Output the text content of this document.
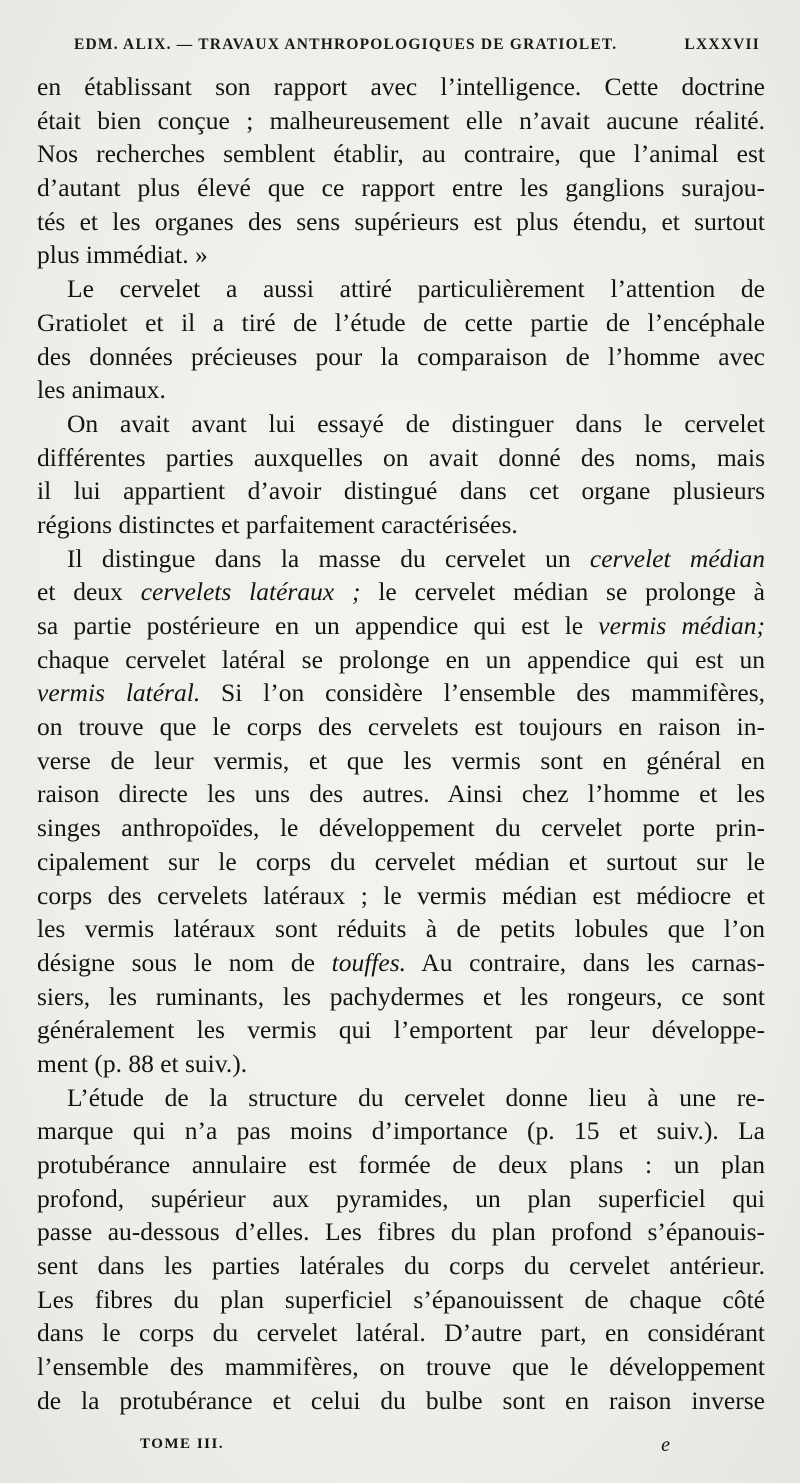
EDM. ALIX. — TRAVAUX ANTHROPOLOGIQUES DE GRATIOLET.	LXXXVII
en établissant son rapport avec l’intelligence. Cette doctrine
était bien conçue ; malheureusement elle n’avait aucune réalité.
Nos recherches semblent établir, au contraire, que l’animal est
d’autant plus élevé que ce rapport entre les ganglions surajou-
tés et les organes des sens supérieurs est plus étendu, et surtout
plus immédiat. »
Le cervelet a aussi attiré particulièrement l’attention de
Gratiolet et il a tiré de l’étude de cette partie de l’encéphale
des données précieuses pour la comparaison de l’homme avec
les animaux.
On avait avant lui essayé de distinguer dans le cervelet
différentes parties auxquelles on avait donné des noms, mais
il lui appartient d’avoir distingué dans cet organe plusieurs
régions distinctes et parfaitement caractérisées.
Il distingue dans la masse du cervelet un cervelet médian
et deux cervelets latéraux ; le cervelet médian se prolonge à
sa partie postérieure en un appendice qui est le vermis médian;
chaque cervelet latéral se prolonge en un appendice qui est un
vermis latéral. Si l’on considère l’ensemble des mammifères,
on trouve que le corps des cervelets est toujours en raison in-
verse de leur vermis, et que les vermis sont en général en
raison directe les uns des autres. Ainsi chez l’homme et les
singes anthropoïdes, le développement du cervelet porte prin-
cipalement sur le corps du cervelet médian et surtout sur le
corps des cervelets latéraux ; le vermis médian est médiocre et
les vermis latéraux sont réduits à de petits lobules que l’on
désigne sous le nom de touffes. Au contraire, dans les carnas-
siers, les ruminants, les pachydermes et les rongeurs, ce sont
généralement les vermis qui l’emportent par leur développe-
ment (p. 88 et suiv.).
L’étude de la structure du cervelet donne lieu à une re-
marque qui n’a pas moins d’importance (p. 15 et suiv.). La
protubérance annulaire est formée de deux plans : un plan
profond, supérieur aux pyramides, un plan superficiel qui
passe au-dessous d’elles. Les fibres du plan profond s’épanouis-
sent dans les parties latérales du corps du cervelet antérieur.
Les fibres du plan superficiel s’épanouissent de chaque côté
dans le corps du cervelet latéral. D’autre part, en considérant
l’ensemble des mammifères, on trouve que le développement
de la protubérance et celui du bulbe sont en raison inverse
TOME III.	e
